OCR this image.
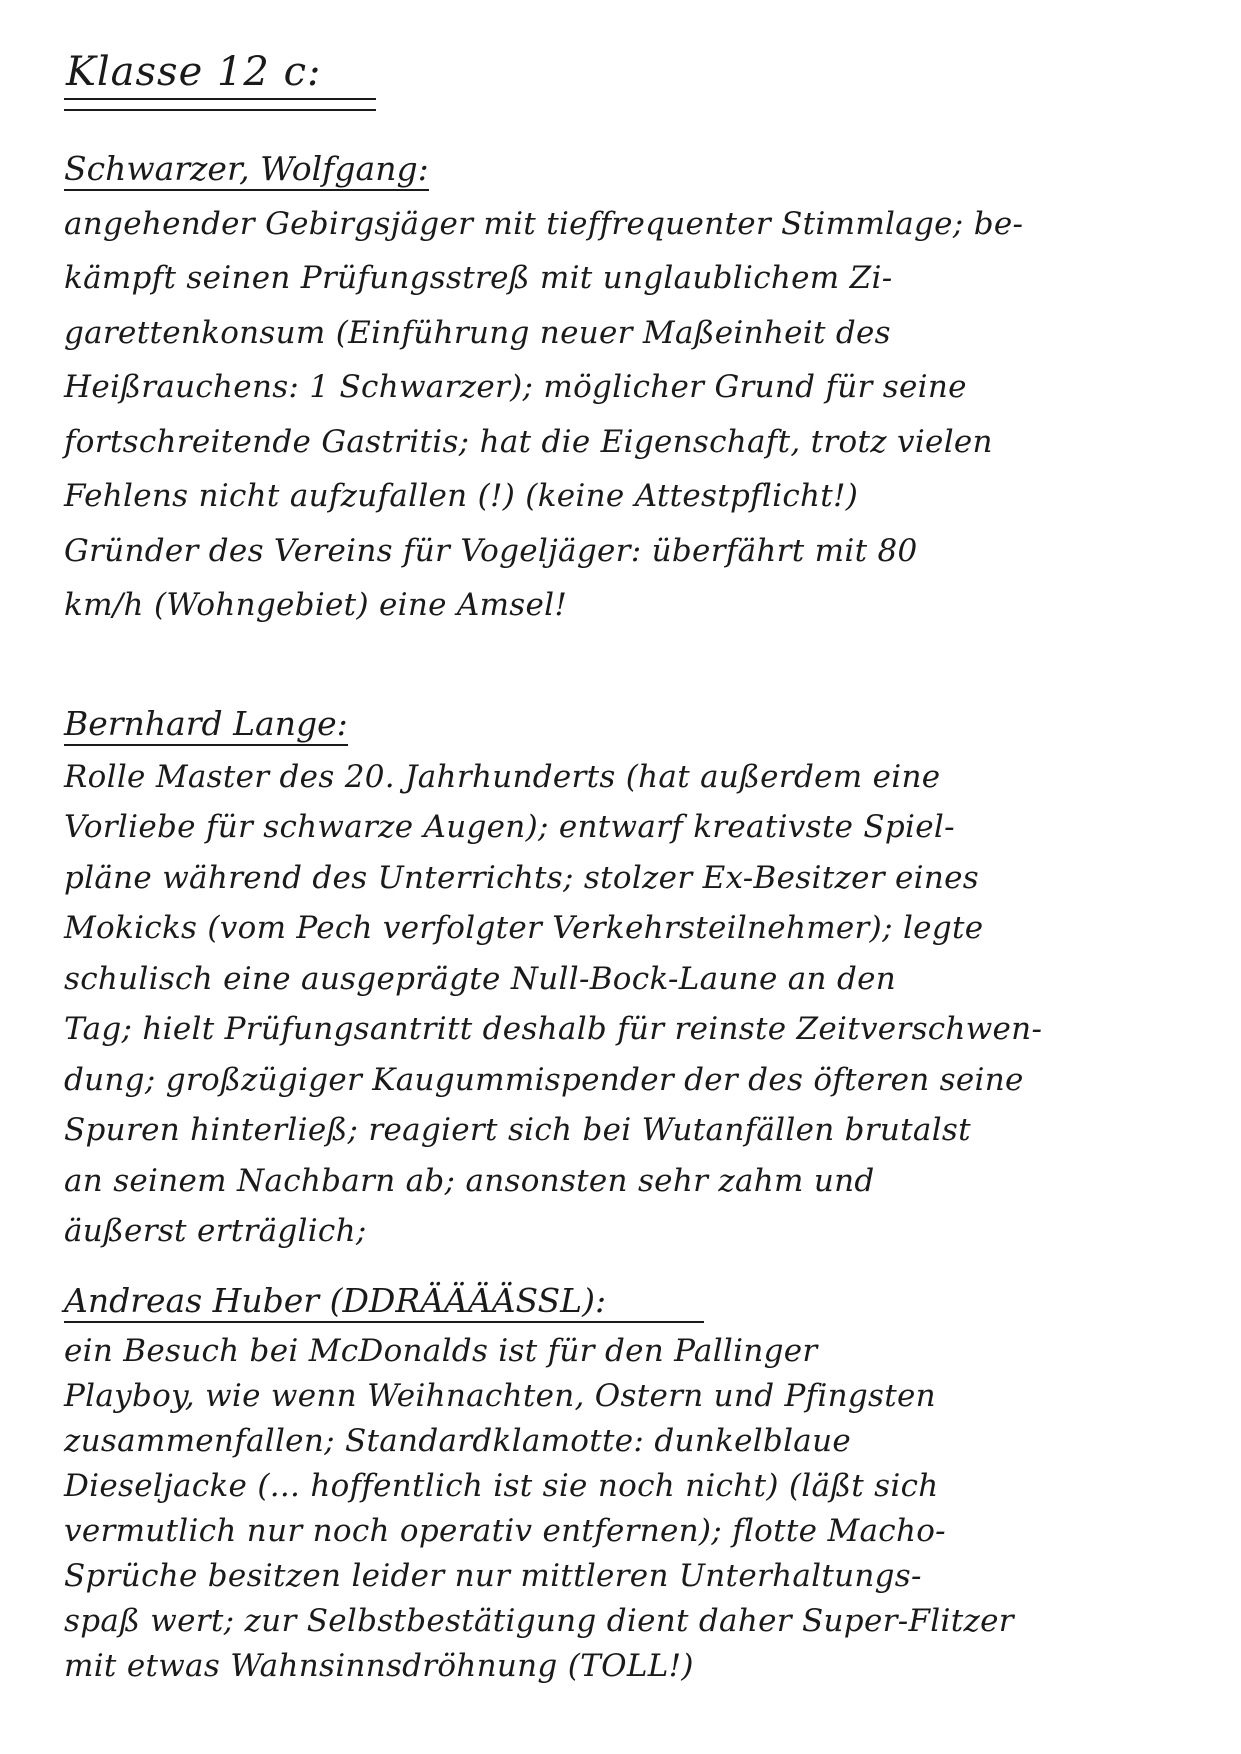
Klasse 12 c:
Schwarzer, Wolfgang:
angehender Gebirgsjäger mit tieffrequenter Stimmlage; be-
kämpft seinen Prüfungsstreß mit unglaublichem Zi-
garettenkonsum (Einführung neuer Maßeinheit des
Heißrauchens: 1 Schwarzer); möglicher Grund für seine
fortschreitende Gastritis; hat die Eigenschaft, trotz vielen
Fehlens nicht aufzufallen (!) (keine Attestpflicht!)
Gründer des Vereins für Vogeljäger: überfährt mit 80
km/h (Wohngebiet) eine Amsel!
Bernhard Lange:
Rolle Master des 20. Jahrhunderts (hat außerdem eine
Vorliebe für schwarze Augen); entwarf kreativste Spiel-
pläne während des Unterrichts; stolzer Ex-Besitzer eines
Mokicks (vom Pech verfolgter Verkehrsteilnehmer); legte
schulisch eine ausgeprägte Null-Bock-Laune an den
Tag; hielt Prüfungsantritt deshalb für reinste Zeitverschwen-
dung; großzügiger Kaugummispender der des öfteren seine
Spuren hinterließ; reagiert sich bei Wutanfällen brutalst
an seinem Nachbarn ab; ansonsten sehr zahm und
äußerst erträglich;
Andreas Huber (DDRÄÄÄÄSSL):
ein Besuch bei McDonalds ist für den Pallinger
Playboy, wie wenn Weihnachten, Ostern und Pfingsten
zusammenfallen; Standardklamotte: dunkelblaue
Dieseljacke (... hoffentlich ist sie noch nicht) (läßt sich
vermutlich nur noch operativ entfernen); flotte Macho-
Sprüche besitzen leider nur mittleren Unterhaltungs-
spaß wert; zur Selbstbestätigung dient daher Super-Flitzer
mit etwas Wahnsinnsdröhnung (TOLL!)
